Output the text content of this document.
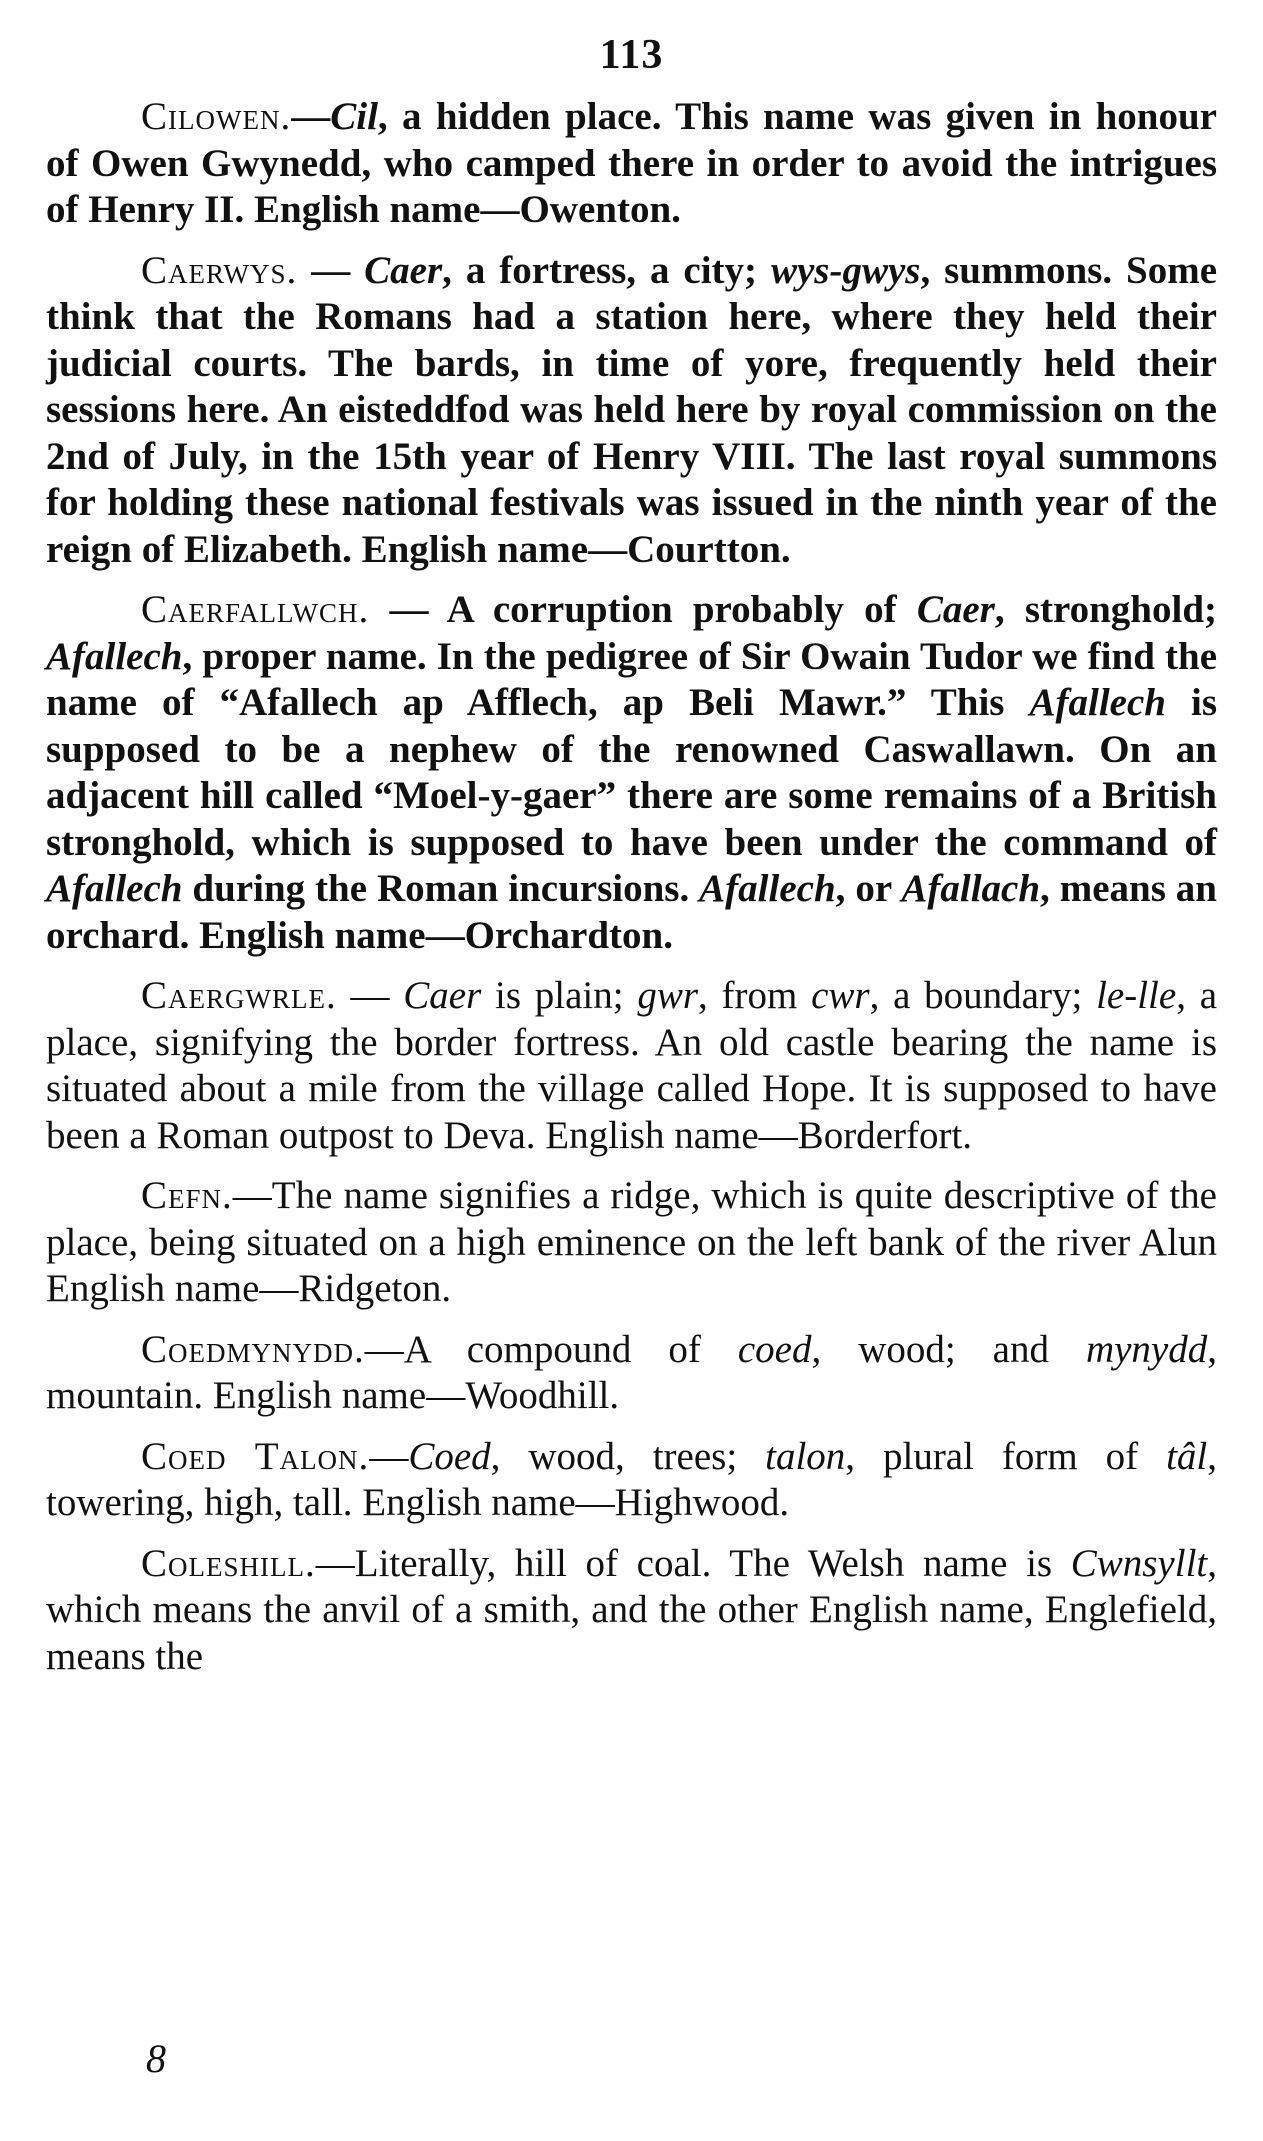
113

Cilowen.—Cil, a hidden place. This name was given in honour of Owen Gwynedd, who camped there in order to avoid the intrigues of Henry II. English name—Owenton.

Caerwys. — Caer, a fortress, a city; wys-gwys, summons. Some think that the Romans had a station here, where they held their judicial courts. The bards, in time of yore, frequently held their sessions here. An eisteddfod was held here by royal commission on the 2nd of July, in the 15th year of Henry VIII. The last royal summons for holding these national festivals was issued in the ninth year of the reign of Elizabeth. English name—Courtton.

Caerfallwch. — A corruption probably of Caer, stronghold; Afallech, proper name. In the pedigree of Sir Owain Tudor we find the name of “Afallech ap Afflech, ap Beli Mawr.” This Afallech is supposed to be a nephew of the renowned Caswallawn. On an adjacent hill called “Moel-y-gaer” there are some remains of a British stronghold, which is supposed to have been under the command of Afallech during the Roman incursions. Afallech, or Afallach, means an orchard. English name—Orchardton.

Caergwrle. — Caer is plain; gwr, from cwr, a boundary; le-lle, a place, signifying the border fortress. An old castle bearing the name is situated about a mile from the village called Hope. It is supposed to have been a Roman outpost to Deva. English name—Borderfort.

Cefn.—The name signifies a ridge, which is quite descriptive of the place, being situated on a high eminence on the left bank of the river Alun English name—Ridgeton.

Coedmynydd.—A compound of coed, wood; and mynydd, mountain. English name—Woodhill.

Coed Talon.—Coed, wood, trees; talon, plural form of tâl, towering, high, tall. English name—Highwood.

Coleshill.—Literally, hill of coal. The Welsh name is Cwnsyllt, which means the anvil of a smith, and the other English name, Englefield, means the

8
